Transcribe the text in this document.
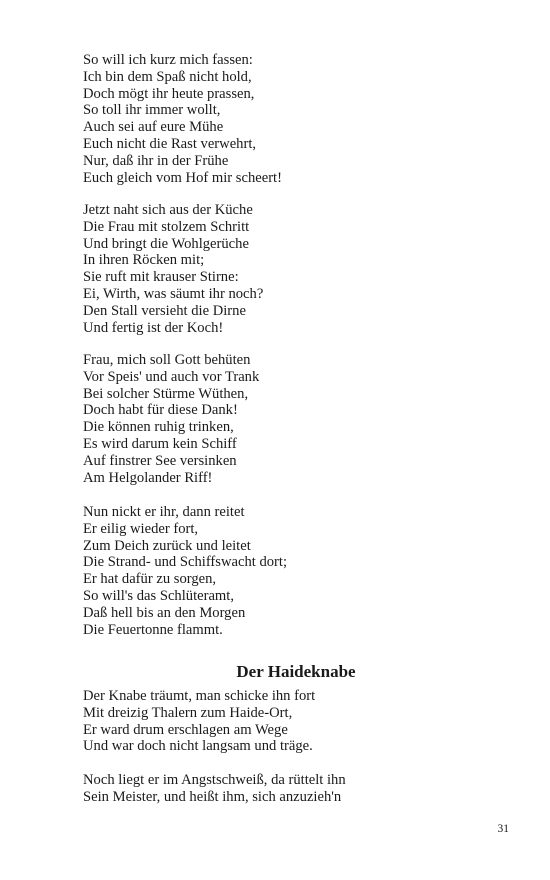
So will ich kurz mich fassen:
Ich bin dem Spaß nicht hold,
Doch mögt ihr heute prassen,
So toll ihr immer wollt,
Auch sei auf eure Mühe
Euch nicht die Rast verwehrt,
Nur, daß ihr in der Frühe
Euch gleich vom Hof mir scheert!
Jetzt naht sich aus der Küche
Die Frau mit stolzem Schritt
Und bringt die Wohlgerüche
In ihren Röcken mit;
Sie ruft mit krauser Stirne:
Ei, Wirth, was säumt ihr noch?
Den Stall versieht die Dirne
Und fertig ist der Koch!
Frau, mich soll Gott behüten
Vor Speis' und auch vor Trank
Bei solcher Stürme Wüthen,
Doch habt für diese Dank!
Die können ruhig trinken,
Es wird darum kein Schiff
Auf finstrer See versinken
Am Helgolander Riff!
Nun nickt er ihr, dann reitet
Er eilig wieder fort,
Zum Deich zurück und leitet
Die Strand- und Schiffswacht dort;
Er hat dafür zu sorgen,
So will's das Schlüteramt,
Daß hell bis an den Morgen
Die Feuertonne flammt.
Der Haideknabe
Der Knabe träumt, man schicke ihn fort
Mit dreizig Thalern zum Haide-Ort,
Er ward drum erschlagen am Wege
Und war doch nicht langsam und träge.
Noch liegt er im Angstschweiß, da rüttelt ihn
Sein Meister, und heißt ihm, sich anzuzieh'n
31
